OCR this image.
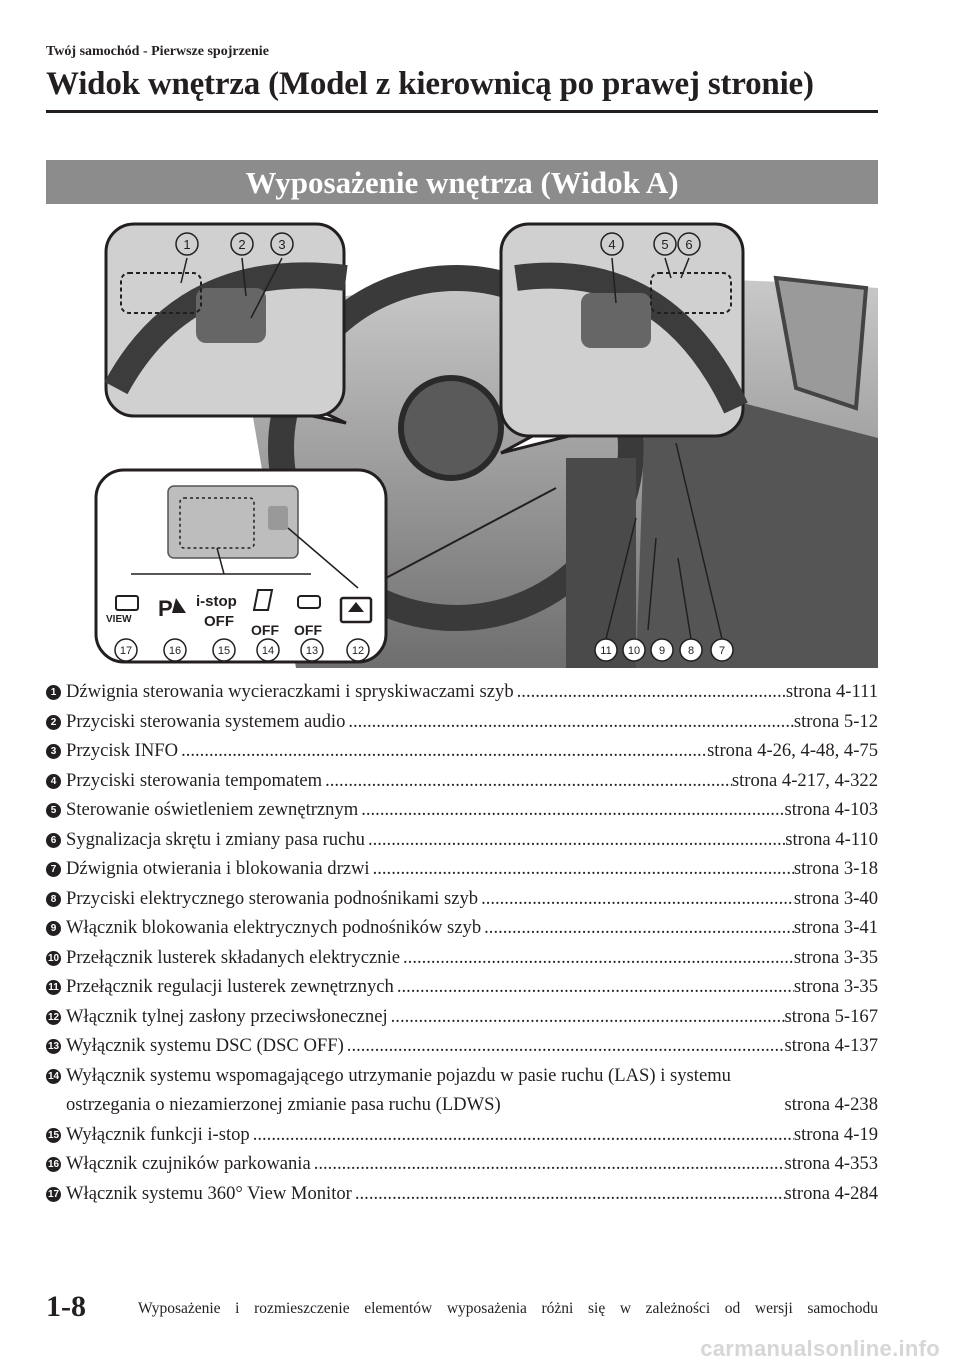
Twój samochód - Pierwsze spojrzenie
Widok wnętrza (Model z kierownicą po prawej stronie)
Wyposażenie wnętrza (Widok A)
VIEW P i-stop
OFF OFF OFF
1	2	3	4	5 6
17	16	15	14	13	12	11 10 9 8 7
1 Dźwignia sterowania wycieraczkami i spryskiwaczami szyb .....	strona 4-111
2 Przyciski sterowania systemem audio .....	strona 5-12
3 Przycisk INFO .....	strona 4-26, 4-48, 4-75
4 Przyciski sterowania tempomatem .....	strona 4-217, 4-322
5 Sterowanie oświetleniem zewnętrznym .....	strona 4-103
6 Sygnalizacja skrętu i zmiany pasa ruchu .....	strona 4-110
7 Dźwignia otwierania i blokowania drzwi .....	strona 3-18
8 Przyciski elektrycznego sterowania podnośnikami szyb .....	strona 3-40
9 Włącznik blokowania elektrycznych podnośników szyb .....	strona 3-41
10 Przełącznik lusterek składanych elektrycznie .....	strona 3-35
11 Przełącznik regulacji lusterek zewnętrznych .....	strona 3-35
12 Włącznik tylnej zasłony przeciwsłonecznej .....	strona 5-167
13 Wyłącznik systemu DSC (DSC OFF) .....	strona 4-137
14 Wyłącznik systemu wspomagającego utrzymanie pojazdu w pasie ruchu (LAS) i systemu
ostrzegania o niezamierzonej zmianie pasa ruchu (LDWS)	strona 4-238
15 Wyłącznik funkcji i-stop .....	strona 4-19
16 Włącznik czujników parkowania .....	strona 4-353
17 Włącznik systemu 360° View Monitor .....	strona 4-284
1-8	Wyposażenie i rozmieszczenie elementów wyposażenia różni się w zależności od wersji samochodu
carmanualsonline.info
